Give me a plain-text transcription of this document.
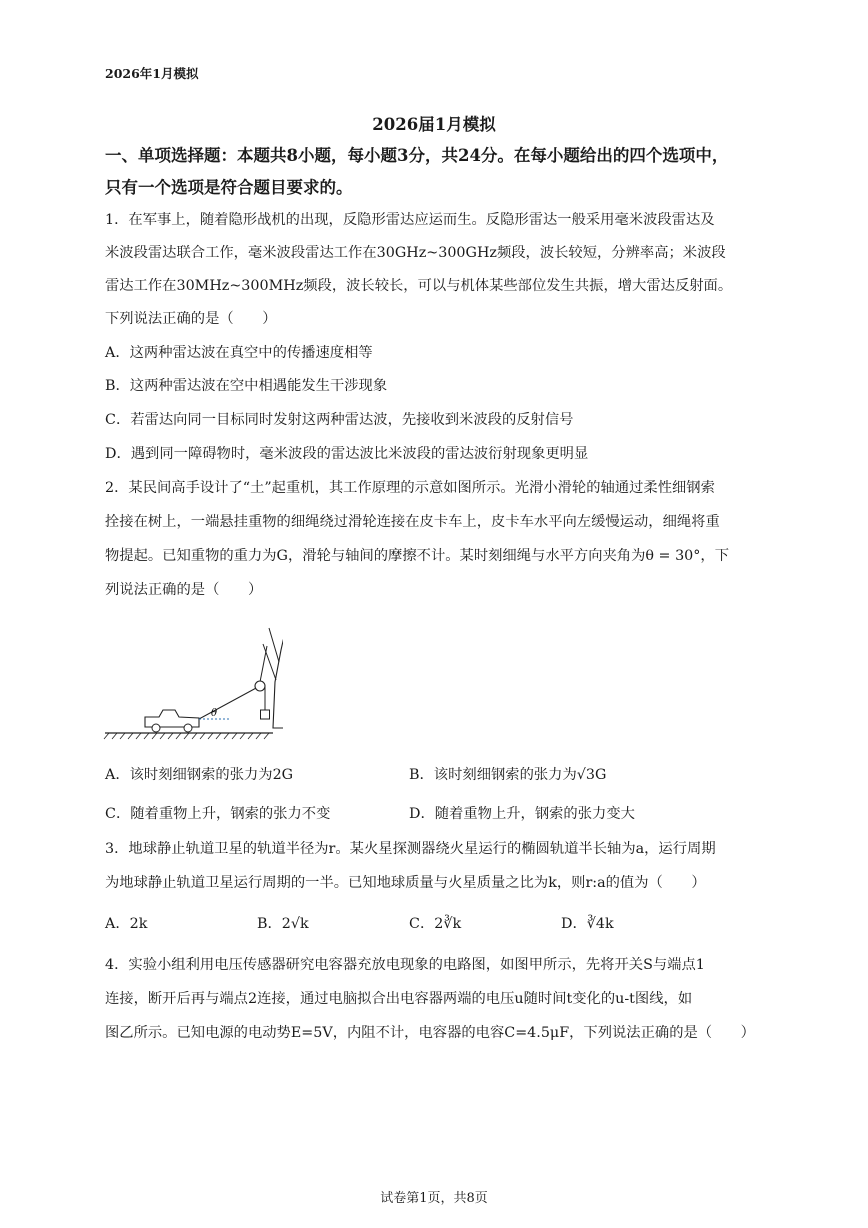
2026年1月模拟
2026届1月模拟
一、单项选择题：本题共8小题，每小题3分，共24分。在每小题给出的四个选项中，
只有一个选项是符合题目要求的。
1．在军事上，随着隐形战机的出现，反隐形雷达应运而生。反隐形雷达一般采用毫米波段雷达及
米波段雷达联合工作，毫米波段雷达工作在30GHz~300GHz频段，波长较短，分辨率高；米波段
雷达工作在30MHz~300MHz频段，波长较长，可以与机体某些部位发生共振，增大雷达反射面。
下列说法正确的是（　　）
A．这两种雷达波在真空中的传播速度相等
B．这两种雷达波在空中相遇能发生干涉现象
C．若雷达向同一目标同时发射这两种雷达波，先接收到米波段的反射信号
D．遇到同一障碍物时，毫米波段的雷达波比米波段的雷达波衍射现象更明显
2．某民间高手设计了“土”起重机，其工作原理的示意如图所示。光滑小滑轮的轴通过柔性细钢索
拴接在树上，一端悬挂重物的细绳绕过滑轮连接在皮卡车上，皮卡车水平向左缓慢运动，细绳将重
物提起。已知重物的重力为G，滑轮与轴间的摩擦不计。某时刻细绳与水平方向夹角为θ = 30°，下
列说法正确的是（　　）
θ
A．该时刻细钢索的张力为2G	B．该时刻细钢索的张力为√3G
C．随着重物上升，钢索的张力不变	D．随着重物上升，钢索的张力变大
3．地球静止轨道卫星的轨道半径为r。某火星探测器绕火星运行的椭圆轨道半长轴为a，运行周期
为地球静止轨道卫星运行周期的一半。已知地球质量与火星质量之比为k，则r:a的值为（　　）
A．2k	B．2√k	C．2∛k	D．∛4k
4．实验小组利用电压传感器研究电容器充放电现象的电路图，如图甲所示，先将开关S与端点1
连接，断开后再与端点2连接，通过电脑拟合出电容器两端的电压u随时间t变化的u-t图线，如
图乙所示。已知电源的电动势E=5V，内阻不计，电容器的电容C=4.5μF，下列说法正确的是（　　）
试卷第1页，共8页
